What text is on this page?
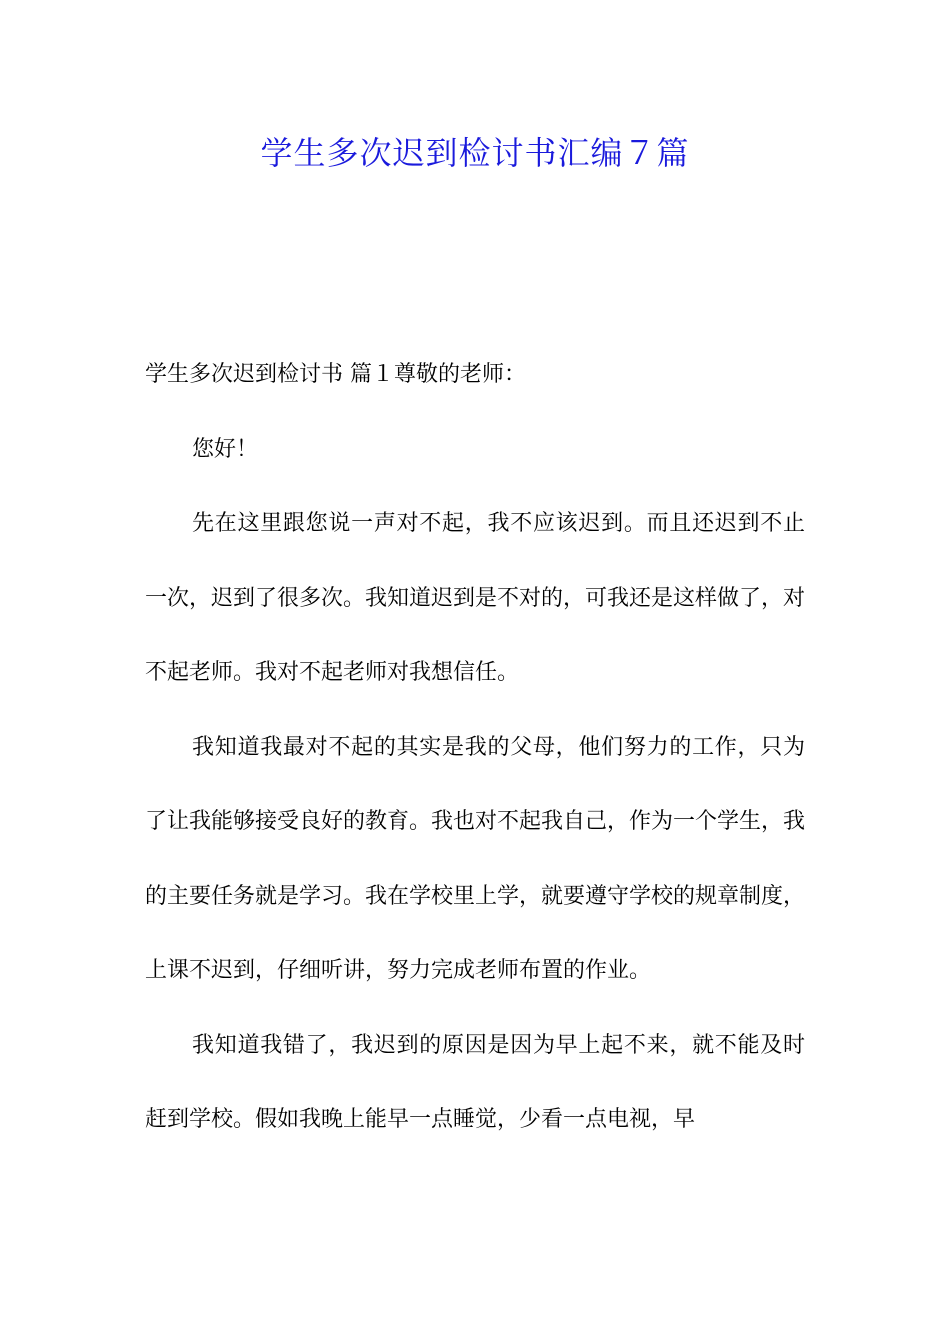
学生多次迟到检讨书汇编７篇

学生多次迟到检讨书 篇１尊敬的老师：

您好！

先在这里跟您说一声对不起，我不应该迟到。而且还迟到不止一次，迟到了很多次。我知道迟到是不对的，可我还是这样做了，对不起老师。我对不起老师对我想信任。

我知道我最对不起的其实是我的父母，他们努力的工作，只为了让我能够接受良好的教育。我也对不起我自己，作为一个学生，我的主要任务就是学习。我在学校里上学，就要遵守学校的规章制度，上课不迟到，仔细听讲，努力完成老师布置的作业。

我知道我错了，我迟到的原因是因为早上起不来，就不能及时赶到学校。假如我晚上能早一点睡觉，少看一点电视，早
